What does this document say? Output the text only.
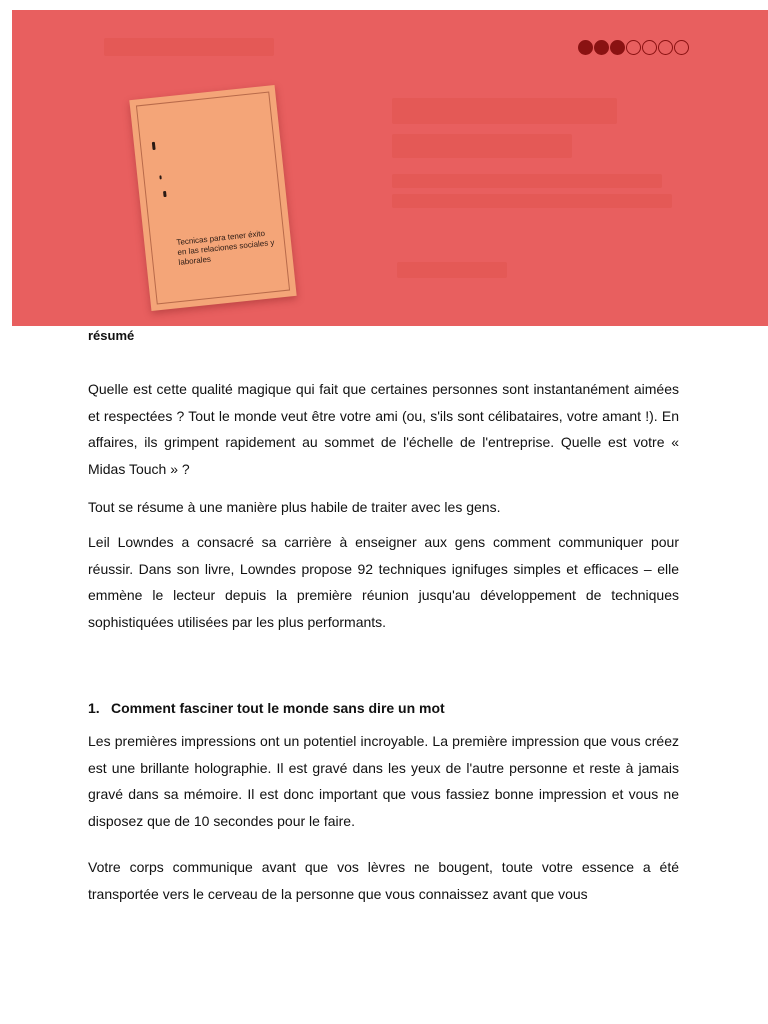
Tecnicas para tener éxito en las relaciones sociales y laborales
résumé

Quelle est cette qualité magique qui fait que certaines personnes sont instantanément aimées et respectées ? Tout le monde veut être votre ami (ou, s'ils sont célibataires, votre amant !). En affaires, ils grimpent rapidement au sommet de l'échelle de l'entreprise. Quelle est votre « Midas Touch » ?

Tout se résume à une manière plus habile de traiter avec les gens.

Leil Lowndes a consacré sa carrière à enseigner aux gens comment communiquer pour réussir. Dans son livre, Lowndes propose 92 techniques ignifuges simples et efficaces – elle emmène le lecteur depuis la première réunion jusqu'au développement de techniques sophistiquées utilisées par les plus performants.

1. Comment fasciner tout le monde sans dire un mot

Les premières impressions ont un potentiel incroyable. La première impression que vous créez est une brillante holographie. Il est gravé dans les yeux de l'autre personne et reste à jamais gravé dans sa mémoire. Il est donc important que vous fassiez bonne impression et vous ne disposez que de 10 secondes pour le faire.

Votre corps communique avant que vos lèvres ne bougent, toute votre essence a été transportée vers le cerveau de la personne que vous connaissez avant que vous
